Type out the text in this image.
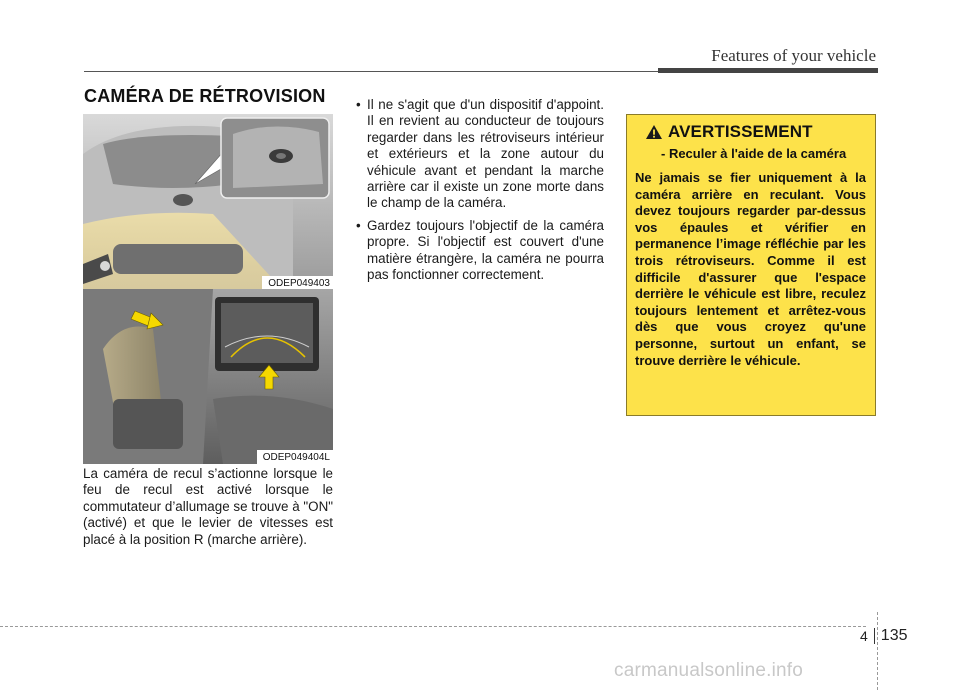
Features of your vehicle
CAMÉRA DE RÉTROVISION
ODEP049403
ODEP049404L

La caméra de recul s’actionne lorsque le feu de recul est activé lorsque le commutateur d’allumage se trouve à "ON" (activé) et que le levier de vitesses est placé à la position R (marche arrière).

• Il ne s'agit que d'un dispositif d'appoint. Il en revient au conducteur de toujours regarder dans les rétroviseurs intérieur et extérieurs et la zone autour du véhicule avant et pendant la marche arrière car il existe un zone morte dans le champ de la caméra.
• Gardez toujours l'objectif de la caméra propre. Si l'objectif est couvert d'une matière étrangère, la caméra ne pourra pas fonctionner correctement.
AVERTISSEMENT
- Reculer à l'aide de la caméra

Ne jamais se fier uniquement à la caméra arrière en reculant. Vous devez toujours regarder par-dessus vos épaules et vérifier en permanence l’image réfléchie par les trois rétroviseurs. Comme il est difficile d'assurer que l'espace derrière le véhicule est libre, reculez toujours lentement et arrêtez-vous dès que vous croyez qu'une personne, surtout un enfant, se trouve derrière le véhicule.

4 135
carmanualsonline.info
